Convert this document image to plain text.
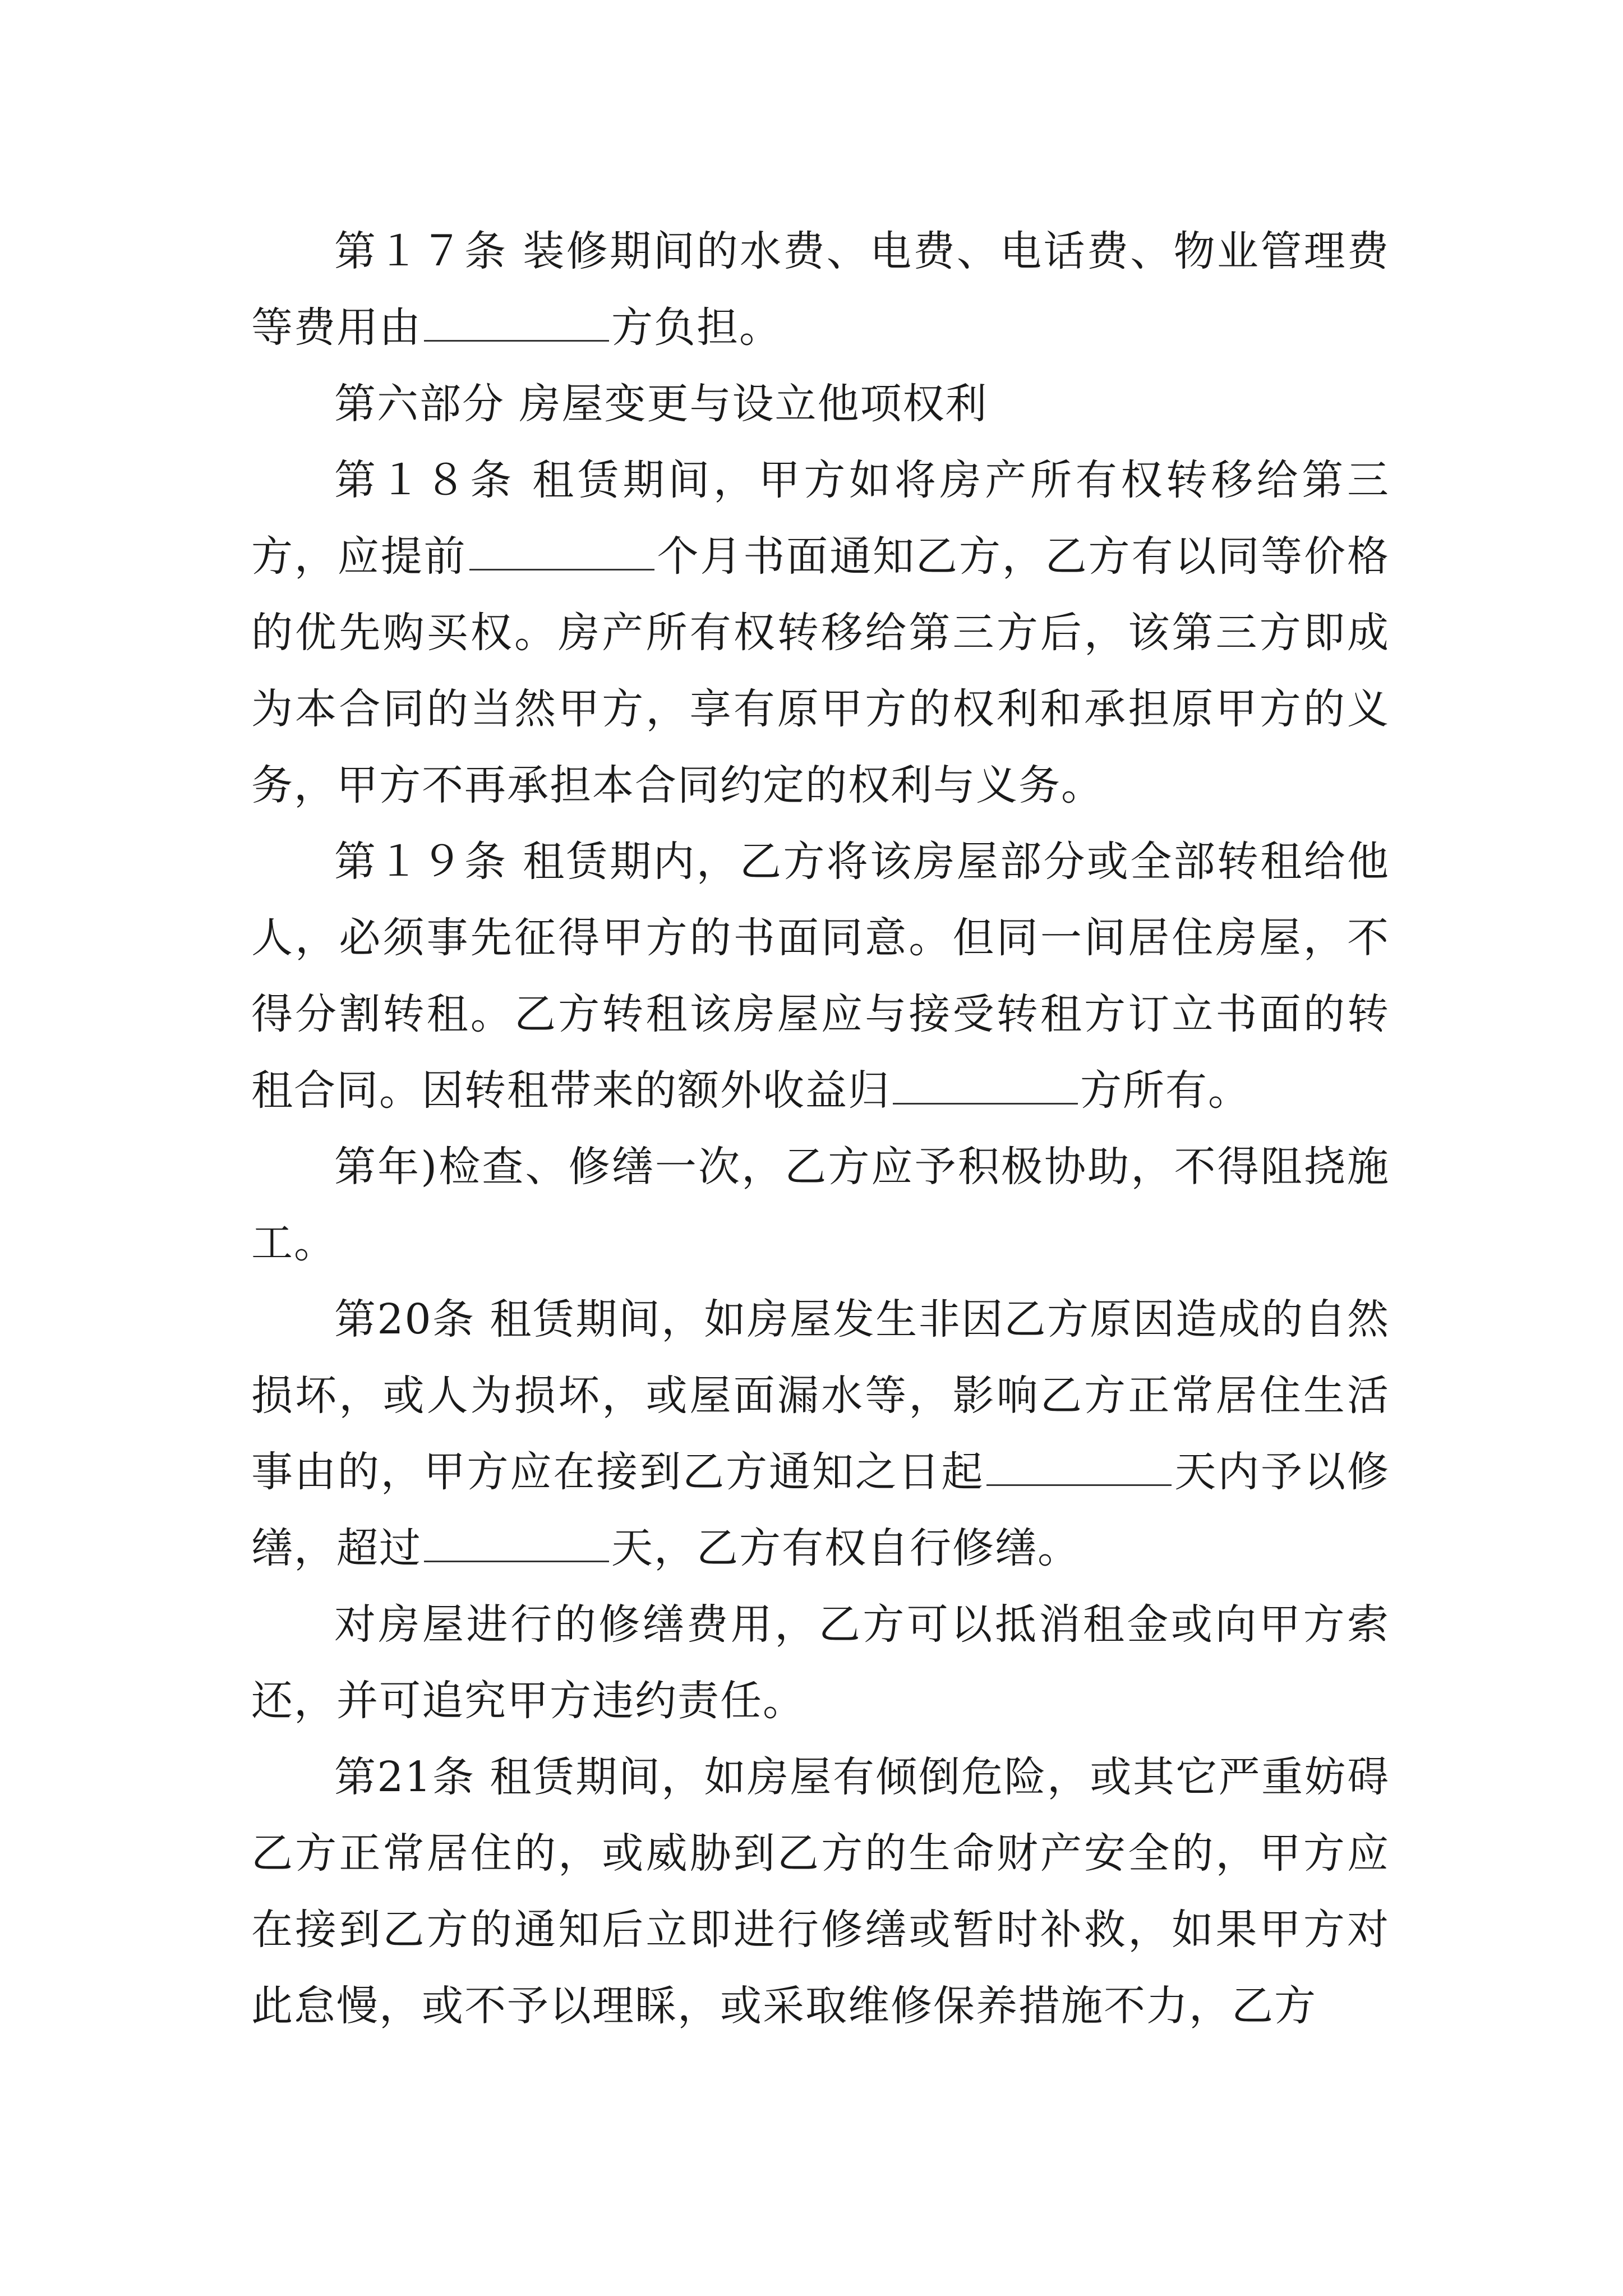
第１７条 装修期间的水费、电费、电话费、物业管理费等费用由	方负担。

第六部分 房屋变更与设立他项权利

第１８条 租赁期间，甲方如将房产所有权转移给第三方，应提前	个月书面通知乙方，乙方有以同等价格的优先购买权。房产所有权转移给第三方后，该第三方即成为本合同的当然甲方，享有原甲方的权利和承担原甲方的义务，甲方不再承担本合同约定的权利与义务。

第１９条 租赁期内，乙方将该房屋部分或全部转租给他人，必须事先征得甲方的书面同意。但同一间居住房屋，不得分割转租。乙方转租该房屋应与接受转租方订立书面的转租合同。因转租带来的额外收益归	方所有。

第年)检查、修缮一次，乙方应予积极协助，不得阻挠施工。

第20条 租赁期间，如房屋发生非因乙方原因造成的自然损坏，或人为损坏，或屋面漏水等，影响乙方正常居住生活事由的，甲方应在接到乙方通知之日起	天内予以修缮，超过	天，乙方有权自行修缮。

对房屋进行的修缮费用，乙方可以抵消租金或向甲方索还，并可追究甲方违约责任。

第21条 租赁期间，如房屋有倾倒危险，或其它严重妨碍乙方正常居住的，或威胁到乙方的生命财产安全的，甲方应在接到乙方的通知后立即进行修缮或暂时补救，如果甲方对此怠慢，或不予以理睬，或采取维修保养措施不力，乙方
